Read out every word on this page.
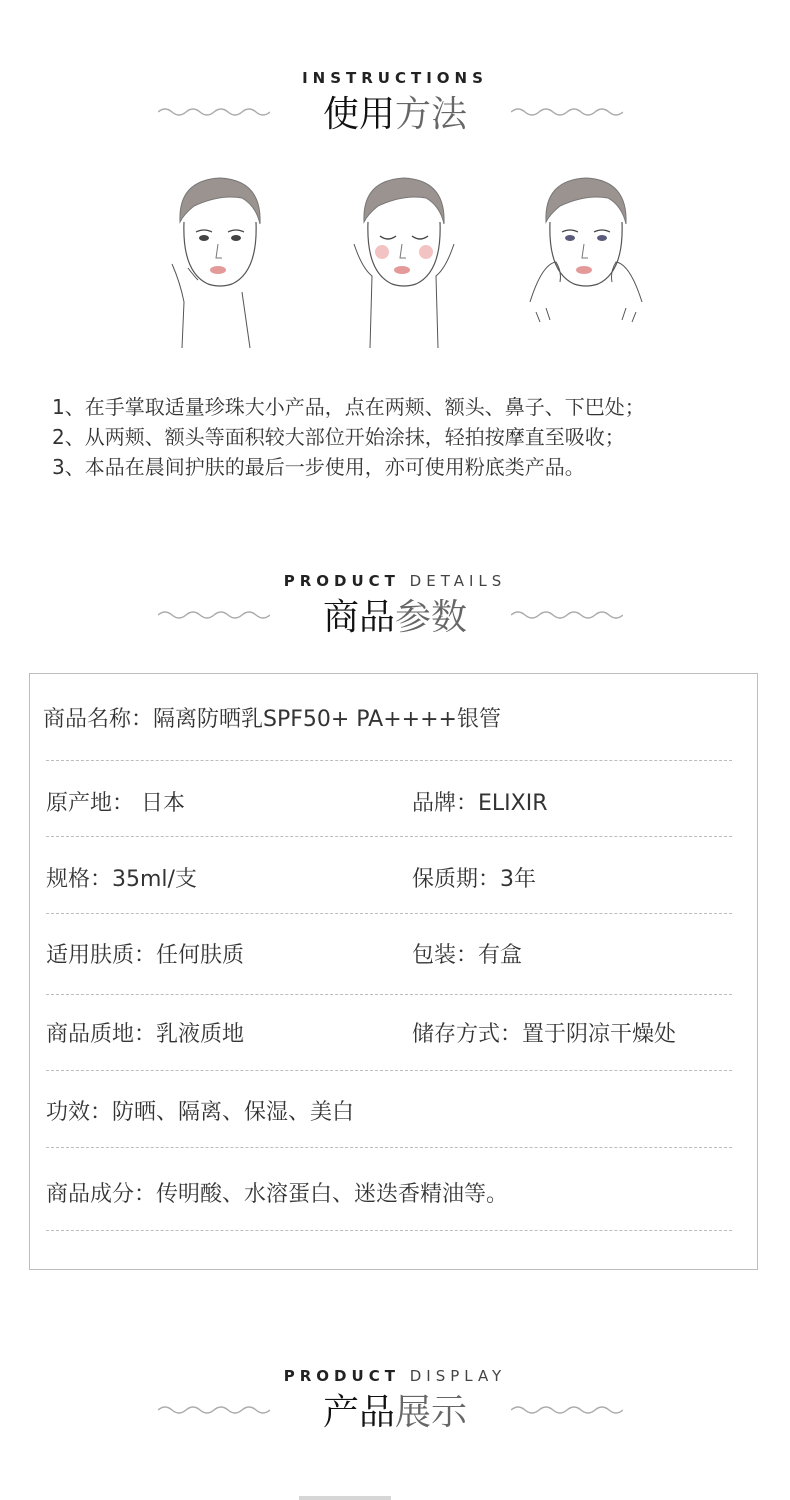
INSTRUCTIONS
使用方法
1、在手掌取适量珍珠大小产品，点在两颊、额头、鼻子、下巴处；
2、从两颊、额头等面积较大部位开始涂抹，轻拍按摩直至吸收；
3、本品在晨间护肤的最后一步使用，亦可使用粉底类产品。
PRODUCT DETAILS
商品参数
商品名称：隔离防晒乳SPF50+ PA++++银管
原产地： 日本	品牌：ELIXIR
规格：35ml/支	保质期：3年
适用肤质：任何肤质	包装：有盒
商品质地：乳液质地	储存方式：置于阴凉干燥处
功效：防晒、隔离、保湿、美白
商品成分：传明酸、水溶蛋白、迷迭香精油等。
PRODUCT DISPLAY
产品展示
